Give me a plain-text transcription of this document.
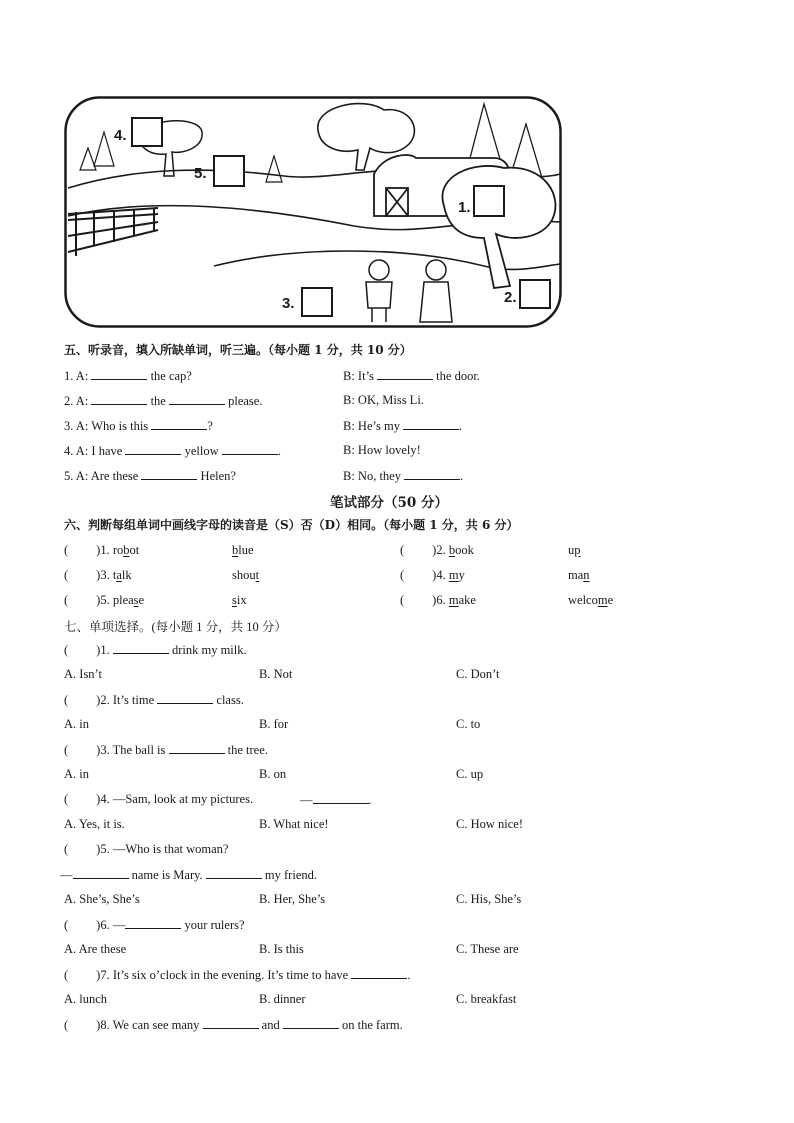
1.
2.
3.
4.
5.
五、听录音，填入所缺单词，听三遍。（每小题 1 分，共 10 分）
1. A:	the cap?	B: It’s	the door.
2. A:	the	please.	B: OK, Miss Li.
3. A: Who is this	?	B: He’s my	.
4. A: I have	yellow	.	B: How lovely!
5. A: Are these	Helen?	B: No, they	.
笔试部分（50 分）
六、判断每组单词中画线字母的读音是（S）否（D）相同。（每小题 1 分，共 6 分）
( )1. robot	blue	( )2. book	up
( )3. talk	shout	( )4. my	man
( )5. please	six	( )6. make	welcome
七、单项选择。(每小题 1 分，共 10 分）
( )1.	drink my milk.
A. Isn’t	B. Not	C. Don’t
( )2. It’s time	class.
A. in	B. for	C. to
( )3. The ball is	the tree.
A. in	B. on	C. up
( )4. —Sam, look at my pictures.	—	.
A. Yes, it is.	B. What nice!	C. How nice!
( )5. —Who is that woman?
—	name is Mary.	my friend.
A. She’s, She’s	B. Her, She’s	C. His, She’s
( )6. —	your rulers?
A. Are these	B. Is this	C. These are
( )7. It’s six o’clock in the evening. It’s time to have	.
A. lunch	B. dinner	C. breakfast
( )8. We can see many	and	on the farm.
